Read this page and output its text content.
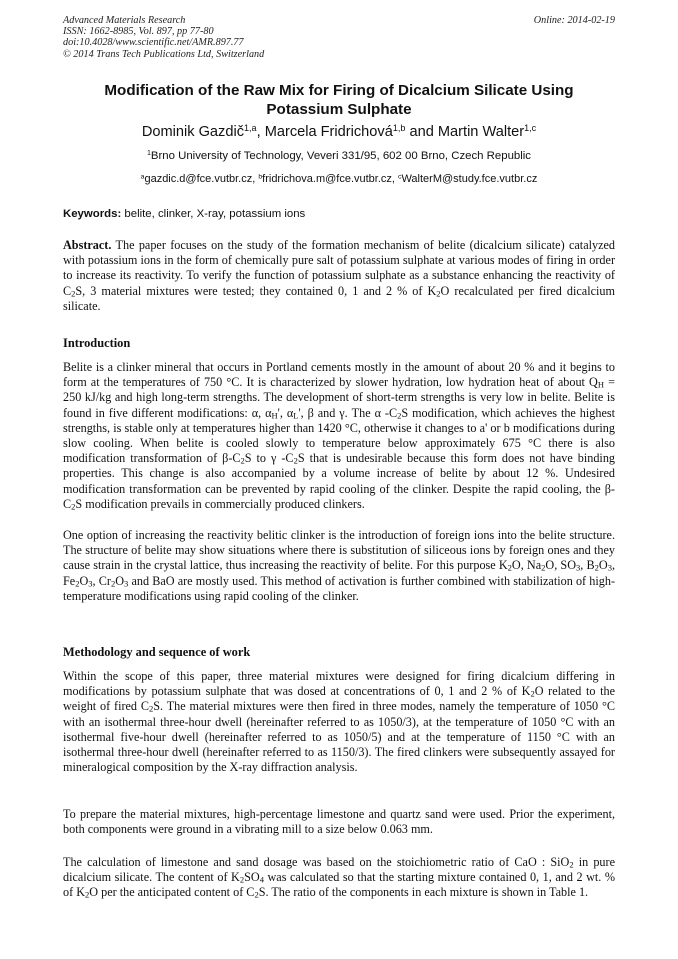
Advanced Materials Research
ISSN: 1662-8985, Vol. 897, pp 77-80
doi:10.4028/www.scientific.net/AMR.897.77
© 2014 Trans Tech Publications Ltd, Switzerland
Online: 2014-02-19
Modification of the Raw Mix for Firing of Dicalcium Silicate Using
Potassium Sulphate
Dominik Gazdič$^{1,a}$, Marcela Fridrichová$^{1,b}$ and Martin Walter$^{1,c}$
$^1$Brno University of Technology, Veveri 331/95, 602 00 Brno, Czech Republic
$^a$gazdic.d@fce.vutbr.cz, $^b$fridrichova.m@fce.vutbr.cz, $^c$WalterM@study.fce.vutbr.cz
Keywords: belite, clinker, X-ray, potassium ions

Abstract. The paper focuses on the study of the formation mechanism of belite (dicalcium silicate) catalyzed with potassium ions in the form of chemically pure salt of potassium sulphate at various modes of firing in order to increase its reactivity. To verify the function of potassium sulphate as a substance enhancing the reactivity of $C_2S$, 3 material mixtures were tested; they contained 0, 1 and 2 % of $K_2O$ recalculated per fired dicalcium silicate.

Introduction

Belite is a clinker mineral that occurs in Portland cements mostly in the amount of about 20 % and it begins to form at the temperatures of 750 °C. It is characterized by slower hydration, low hydration heat of about $Q_H = 250$ kJ/kg and high long-term strengths. The development of short-term strengths is very low in belite. Belite is found in five different modifications: α, $\alpha_H'$, $\alpha_L'$, β and γ. The α $-C_2S$ modification, which achieves the highest strengths, is stable only at temperatures higher than 1420 °C, otherwise it changes to a' or b modifications during slow cooling. When belite is cooled slowly to temperature below approximately 675 °C there is also modification transformation of $\beta-C_2S$ to γ $-C_2S$ that is undesirable because this form does not have binding properties. This change is also accompanied by a volume increase of belite by about 12 %. Undesired modification transformation can be prevented by rapid cooling of the clinker. Despite the rapid cooling, the $\beta-C_2S$ modification prevails in commercially produced clinkers.

One option of increasing the reactivity belitic clinker is the introduction of foreign ions into the belite structure. The structure of belite may show situations where there is substitution of siliceous ions by foreign ones and they cause strain in the crystal lattice, thus increasing the reactivity of belite. For this purpose $K_2O$, $Na_2O$, $SO_3$, $B_2O_3$, $Fe_2O_3$, $Cr_2O_3$ and BaO are mostly used. This method of activation is further combined with stabilization of high-temperature modifications using rapid cooling of the clinker.

Methodology and sequence of work

Within the scope of this paper, three material mixtures were designed for firing dicalcium differing in modifications by potassium sulphate that was dosed at concentrations of 0, 1 and 2 % of $K_2O$ related to the weight of fired $C_2S$. The material mixtures were then fired in three modes, namely the temperature of 1050 °C with an isothermal three-hour dwell (hereinafter referred to as 1050/3), at the temperature of 1050 °C with an isothermal five-hour dwell (hereinafter referred to as 1050/5) and at the temperature of 1150 °C with an isothermal three-hour dwell (hereinafter referred to as 1150/3). The fired clinkers were subsequently assayed for mineralogical composition by the X-ray diffraction analysis.

To prepare the material mixtures, high-percentage limestone and quartz sand were used. Prior the experiment, both components were ground in a vibrating mill to a size below 0.063 mm.

The calculation of limestone and sand dosage was based on the stoichiometric ratio of CaO : SiO$_2$ in pure dicalcium silicate. The content of $K_2SO_4$ was calculated so that the starting mixture contained 0, 1, and 2 wt. % of $K_2O$ per the anticipated content of $C_2S$. The ratio of the components in each mixture is shown in Table 1.
